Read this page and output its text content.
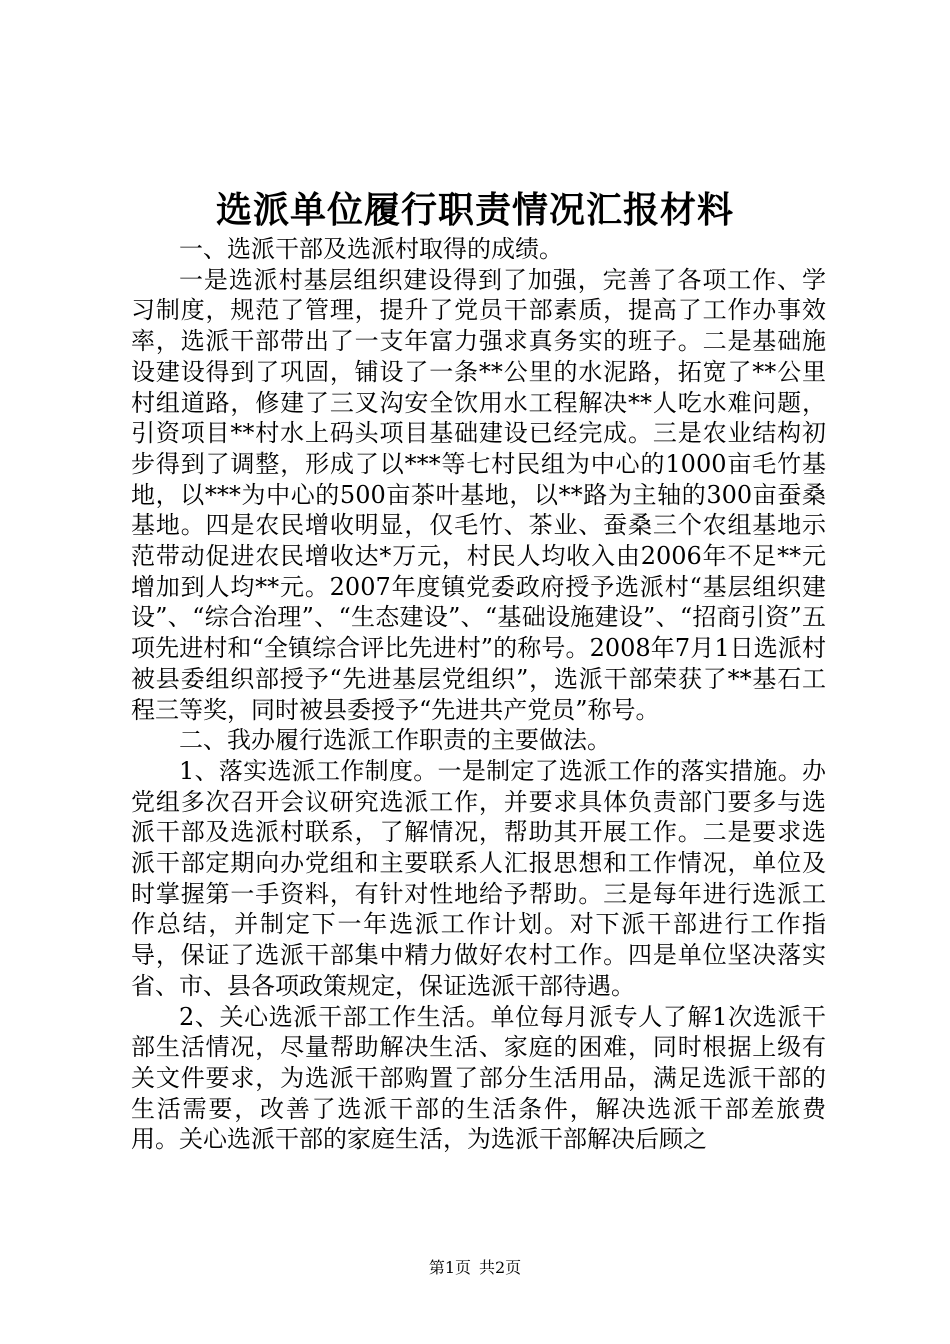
选派单位履行职责情况汇报材料

一、选派干部及选派村取得的成绩。

一是选派村基层组织建设得到了加强，完善了各项工作、学习制度，规范了管理，提升了党员干部素质，提高了工作办事效率，选派干部带出了一支年富力强求真务实的班子。二是基础施设建设得到了巩固，铺设了一条**公里的水泥路，拓宽了**公里村组道路，修建了三叉沟安全饮用水工程解决**人吃水难问题，引资项目**村水上码头项目基础建设已经完成。三是农业结构初步得到了调整，形成了以***等七村民组为中心的1000亩毛竹基地，以***为中心的500亩茶叶基地，以**路为主轴的300亩蚕桑基地。四是农民增收明显，仅毛竹、茶业、蚕桑三个农组基地示范带动促进农民增收达*万元，村民人均收入由2006年不足**元增加到人均**元。2007年度镇党委政府授予选派村“基层组织建设”、“综合治理”、“生态建设”、“基础设施建设”、“招商引资”五项先进村和“全镇综合评比先进村”的称号。2008年7月1日选派村被县委组织部授予“先进基层党组织”，选派干部荣获了**基石工程三等奖，同时被县委授予“先进共产党员”称号。

二、我办履行选派工作职责的主要做法。

1、落实选派工作制度。一是制定了选派工作的落实措施。办党组多次召开会议研究选派工作，并要求具体负责部门要多与选派干部及选派村联系，了解情况，帮助其开展工作。二是要求选派干部定期向办党组和主要联系人汇报思想和工作情况，单位及时掌握第一手资料，有针对性地给予帮助。三是每年进行选派工作总结，并制定下一年选派工作计划。对下派干部进行工作指导，保证了选派干部集中精力做好农村工作。四是单位坚决落实省、市、县各项政策规定，保证选派干部待遇。

2、关心选派干部工作生活。单位每月派专人了解1次选派干部生活情况，尽量帮助解决生活、家庭的困难，同时根据上级有关文件要求，为选派干部购置了部分生活用品，满足选派干部的生活需要，改善了选派干部的生活条件，解决选派干部差旅费用。关心选派干部的家庭生活，为选派干部解决后顾之

第1页 共2页
